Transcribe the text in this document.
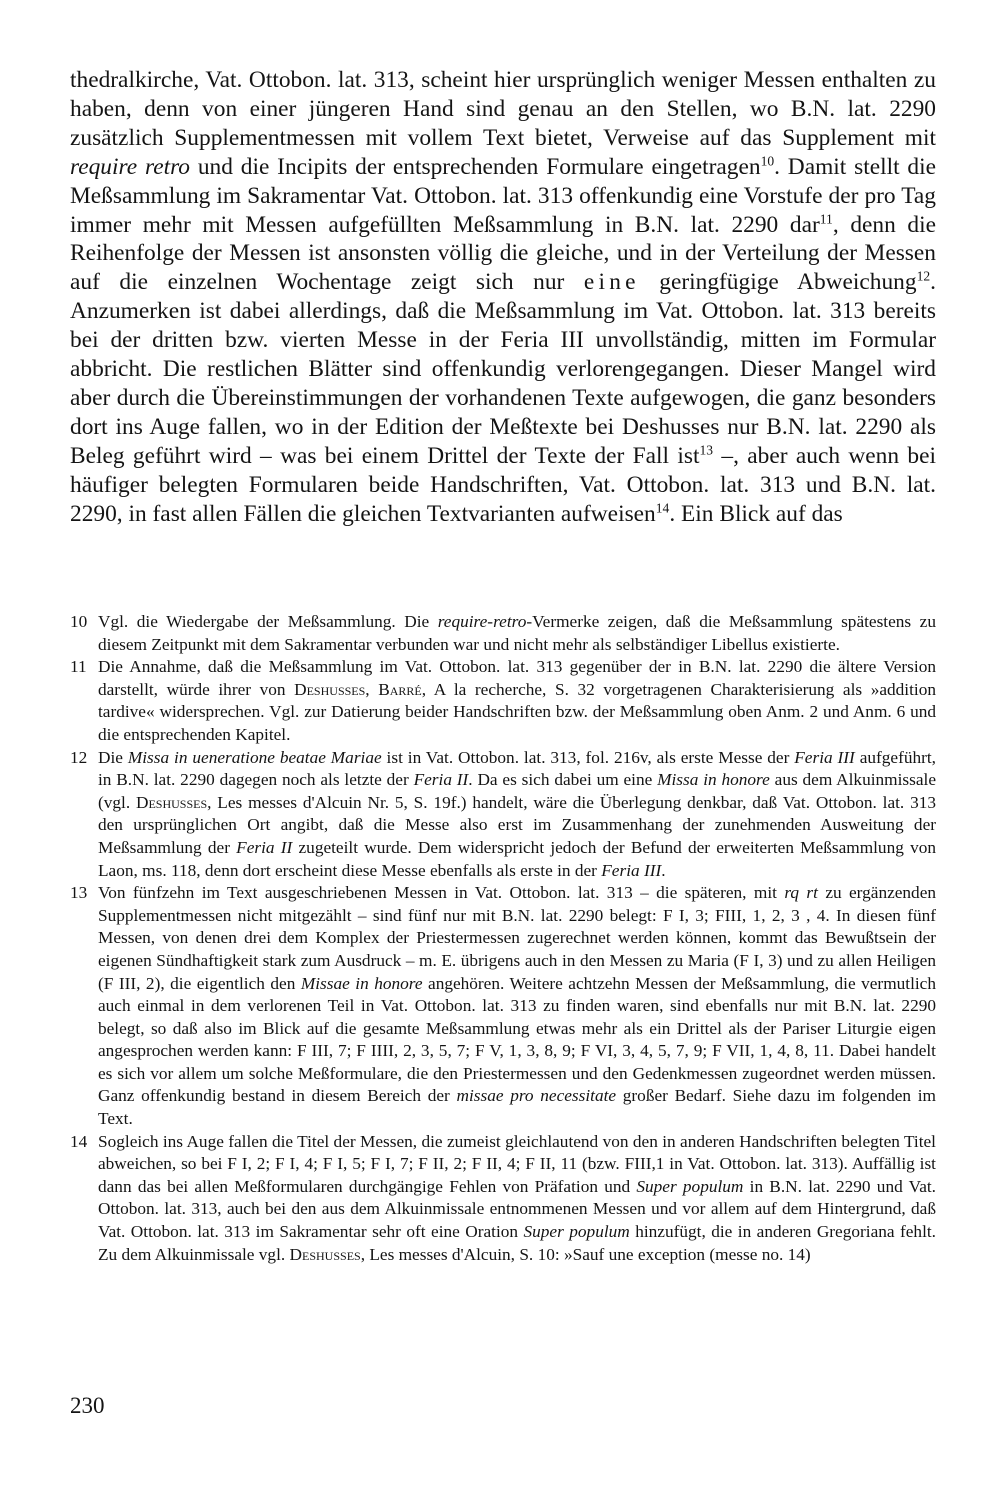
thedralkirche, Vat. Ottobon. lat. 313, scheint hier ursprünglich weniger Messen enthalten zu haben, denn von einer jüngeren Hand sind genau an den Stellen, wo B.N. lat. 2290 zusätzlich Supplementmessen mit vollem Text bietet, Verweise auf das Supplement mit require retro und die Incipits der entsprechenden Formulare eingetragen$^{10}$. Damit stellt die Meßsammlung im Sakramentar Vat. Ottobon. lat. 313 offenkundig eine Vorstufe der pro Tag immer mehr mit Messen aufgefüllten Meßsammlung in B.N. lat. 2290 dar$^{11}$, denn die Reihenfolge der Messen ist ansonsten völlig die gleiche, und in der Verteilung der Messen auf die einzelnen Wochentage zeigt sich nur eine geringfügige Abweichung$^{12}$. Anzumerken ist dabei allerdings, daß die Meßsammlung im Vat. Ottobon. lat. 313 bereits bei der dritten bzw. vierten Messe in der Feria III unvollständig, mitten im Formular abbricht. Die restlichen Blätter sind offenkundig verlorengegangen. Dieser Mangel wird aber durch die Übereinstimmungen der vorhandenen Texte aufgewogen, die ganz besonders dort ins Auge fallen, wo in der Edition der Meßtexte bei Deshusses nur B.N. lat. 2290 als Beleg geführt wird – was bei einem Drittel der Texte der Fall ist$^{13}$ –, aber auch wenn bei häufiger belegten Formularen beide Handschriften, Vat. Ottobon. lat. 313 und B.N. lat. 2290, in fast allen Fällen die gleichen Textvarianten aufweisen$^{14}$. Ein Blick auf das
10 Vgl. die Wiedergabe der Meßsammlung. Die require-retro-Vermerke zeigen, daß die Meßsammlung spätestens zu diesem Zeitpunkt mit dem Sakramentar verbunden war und nicht mehr als selbständiger Libellus existierte.
11 Die Annahme, daß die Meßsammlung im Vat. Ottobon. lat. 313 gegenüber der in B.N. lat. 2290 die ältere Version darstellt, würde ihrer von Deshusses, Barré, A la recherche, S. 32 vorgetragenen Charakterisierung als »addition tardive« widersprechen. Vgl. zur Datierung beider Handschriften bzw. der Meßsammlung oben Anm. 2 und Anm. 6 und die entsprechenden Kapitel.
12 Die Missa in ueneratione beatae Mariae ist in Vat. Ottobon. lat. 313, fol. 216v, als erste Messe der Feria III aufgeführt, in B.N. lat. 2290 dagegen noch als letzte der Feria II. Da es sich dabei um eine Missa in honore aus dem Alkuinmissale (vgl. Deshusses, Les messes d'Alcuin Nr. 5, S. 19f.) handelt, wäre die Überlegung denkbar, daß Vat. Ottobon. lat. 313 den ursprünglichen Ort angibt, daß die Messe also erst im Zusammenhang der zunehmenden Ausweitung der Meßsammlung der Feria II zugeteilt wurde. Dem widerspricht jedoch der Befund der erweiterten Meßsammlung von Laon, ms. 118, denn dort erscheint diese Messe ebenfalls als erste in der Feria III.
13 Von fünfzehn im Text ausgeschriebenen Messen in Vat. Ottobon. lat. 313 – die späteren, mit rq rt zu ergänzenden Supplementmessen nicht mitgezählt – sind fünf nur mit B.N. lat. 2290 belegt: F I, 3; FIII, 1, 2, 3 , 4. In diesen fünf Messen, von denen drei dem Komplex der Priestermessen zugerechnet werden können, kommt das Bewußtsein der eigenen Sündhaftigkeit stark zum Ausdruck – m. E. übrigens auch in den Messen zu Maria (F I, 3) und zu allen Heiligen (F III, 2), die eigentlich den Missae in honore angehören. Weitere achtzehn Messen der Meßsammlung, die vermutlich auch einmal in dem verlorenen Teil in Vat. Ottobon. lat. 313 zu finden waren, sind ebenfalls nur mit B.N. lat. 2290 belegt, so daß also im Blick auf die gesamte Meßsammlung etwas mehr als ein Drittel als der Pariser Liturgie eigen angesprochen werden kann: F III, 7; F IIII, 2, 3, 5, 7; F V, 1, 3, 8, 9; F VI, 3, 4, 5, 7, 9; F VII, 1, 4, 8, 11. Dabei handelt es sich vor allem um solche Meßformulare, die den Priestermessen und den Gedenkmessen zugeordnet werden müssen. Ganz offenkundig bestand in diesem Bereich der missae pro necessitate großer Bedarf. Siehe dazu im folgenden im Text.
14 Sogleich ins Auge fallen die Titel der Messen, die zumeist gleichlautend von den in anderen Handschriften belegten Titel abweichen, so bei F I, 2; F I, 4; F I, 5; F I, 7; F II, 2; F II, 4; F II, 11 (bzw. FIII,1 in Vat. Ottobon. lat. 313). Auffällig ist dann das bei allen Meßformularen durchgängige Fehlen von Präfation und Super populum in B.N. lat. 2290 und Vat. Ottobon. lat. 313, auch bei den aus dem Alkuinmissale entnommenen Messen und vor allem auf dem Hintergrund, daß Vat. Ottobon. lat. 313 im Sakramentar sehr oft eine Oration Super populum hinzufügt, die in anderen Gregoriana fehlt. Zu dem Alkuinmissale vgl. Deshusses, Les messes d'Alcuin, S. 10: »Sauf une exception (messe no. 14)
230
